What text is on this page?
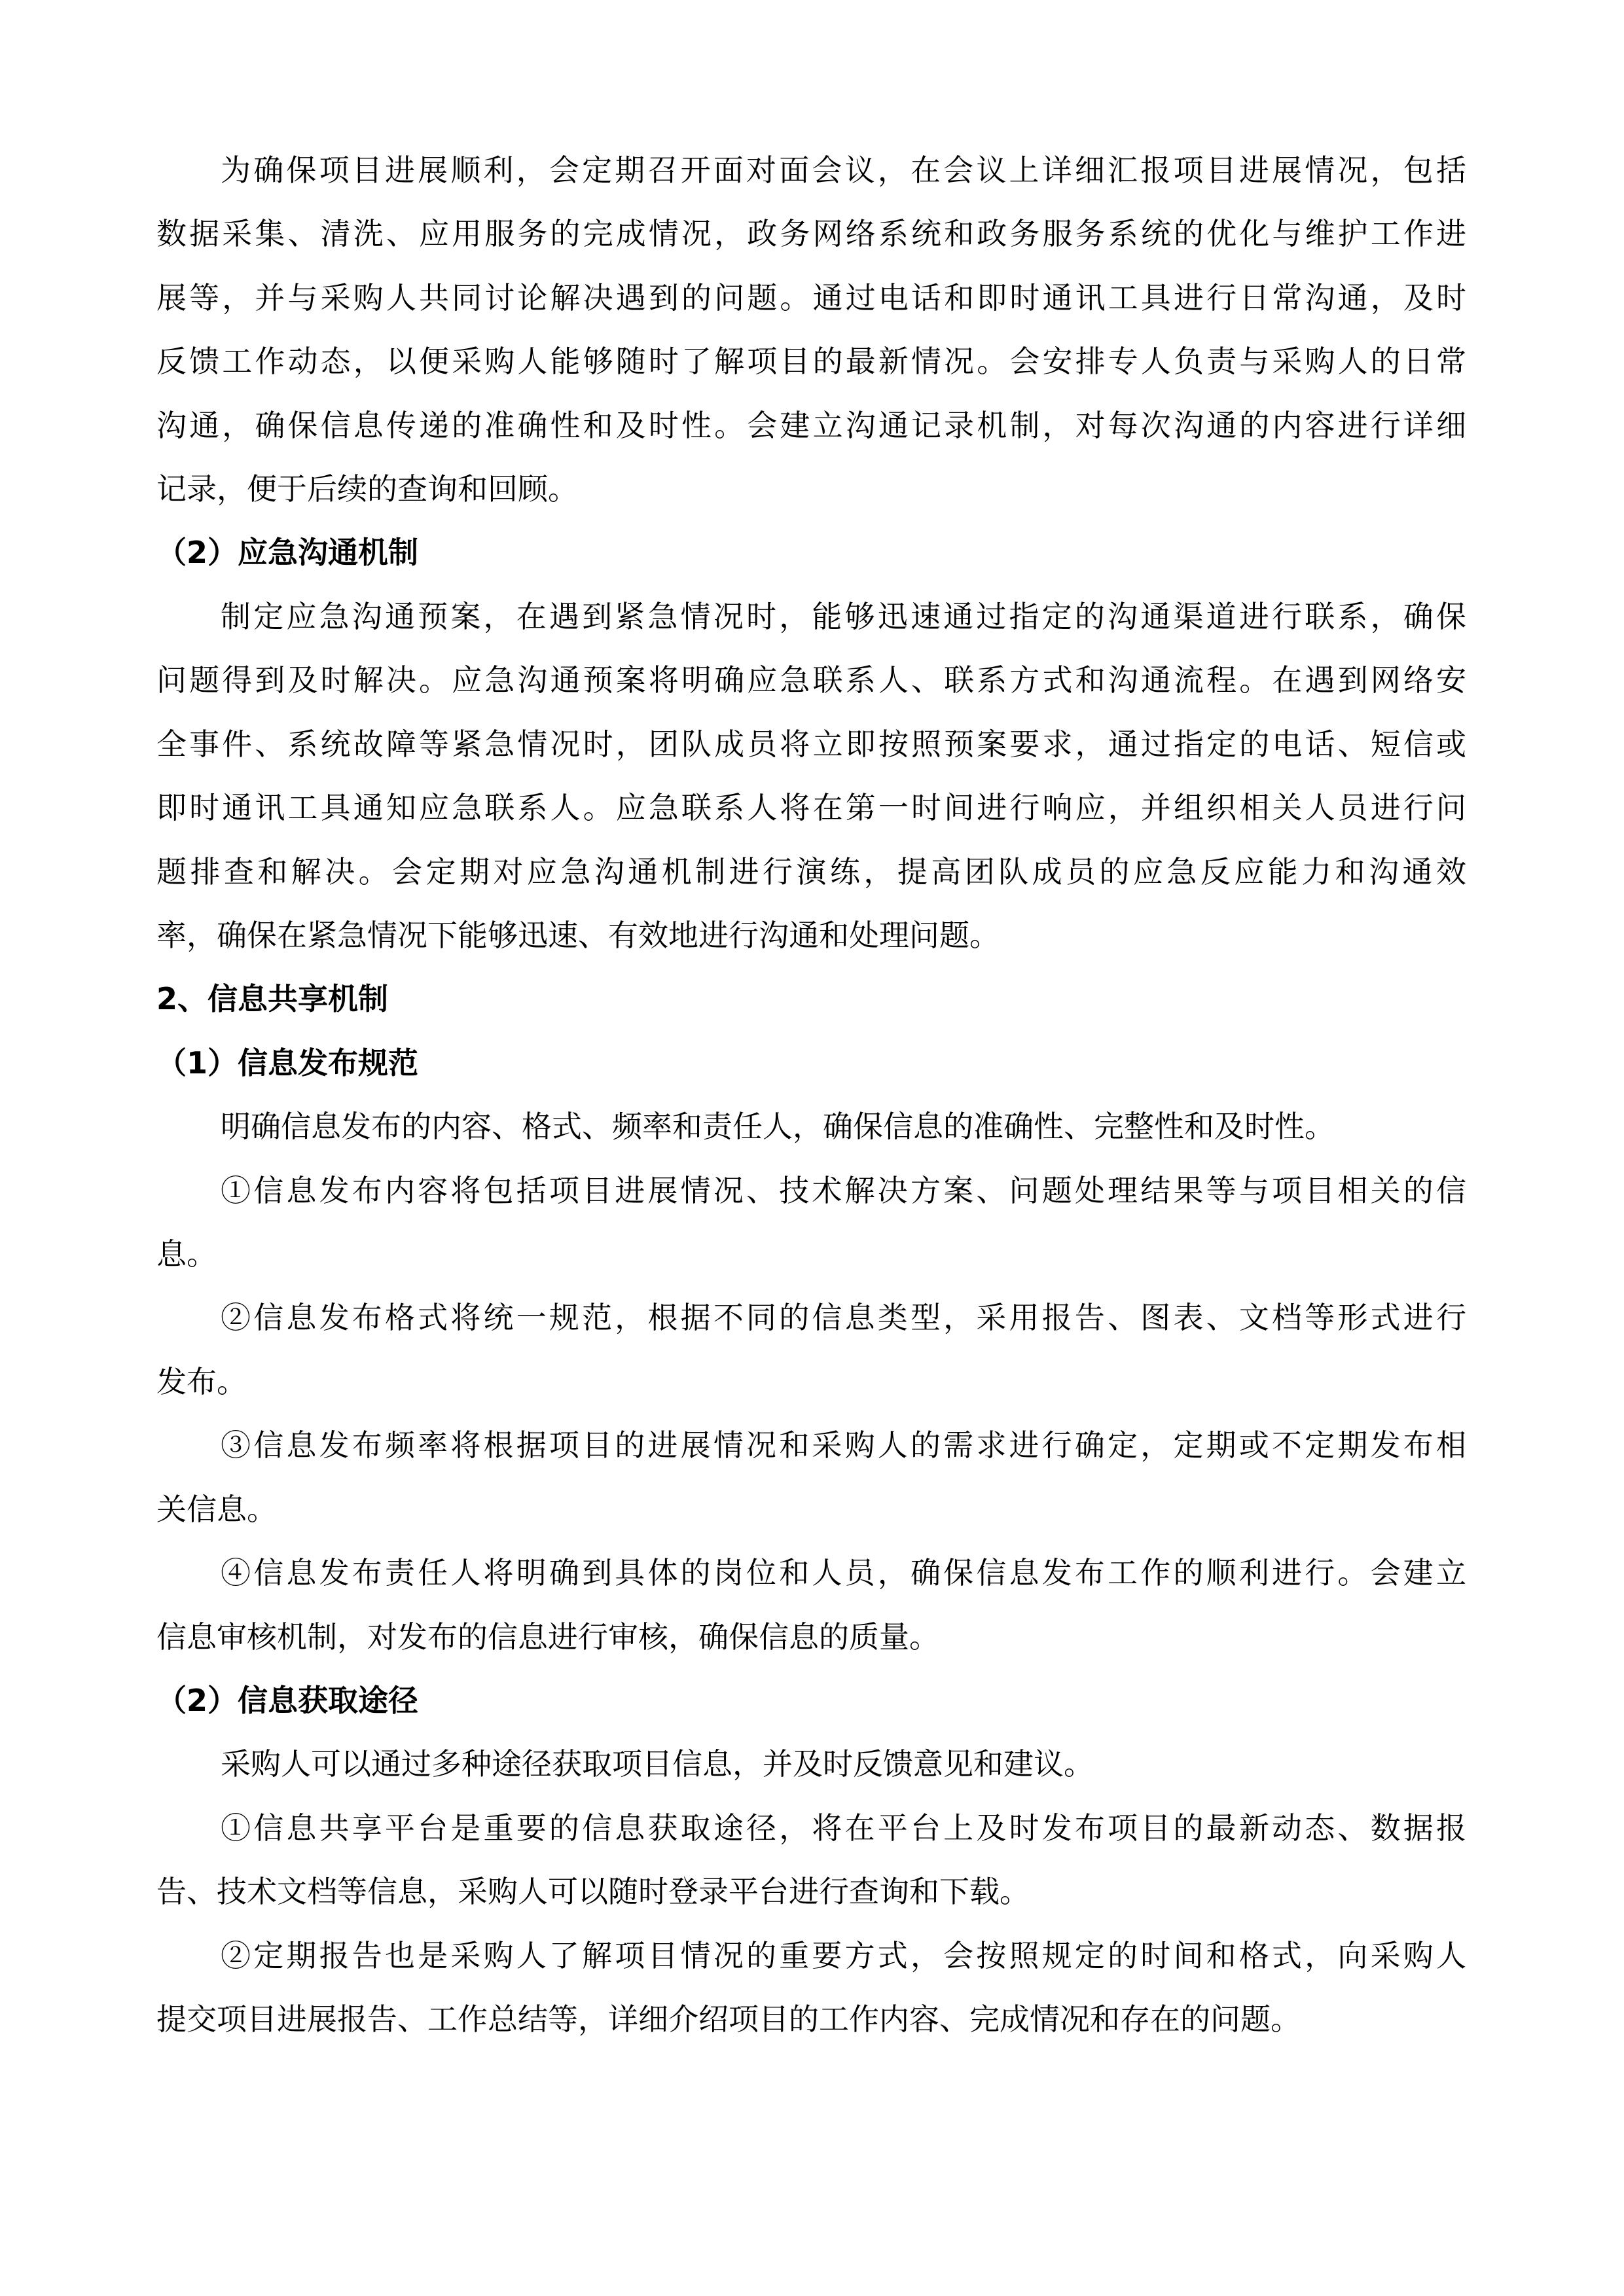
为确保项目进展顺利，会定期召开面对面会议，在会议上详细汇报项目进展情况，包括
数据采集、清洗、应用服务的完成情况，政务网络系统和政务服务系统的优化与维护工作进
展等，并与采购人共同讨论解决遇到的问题。通过电话和即时通讯工具进行日常沟通，及时
反馈工作动态，以便采购人能够随时了解项目的最新情况。会安排专人负责与采购人的日常
沟通，确保信息传递的准确性和及时性。会建立沟通记录机制，对每次沟通的内容进行详细
记录，便于后续的查询和回顾。
（2）应急沟通机制
制定应急沟通预案，在遇到紧急情况时，能够迅速通过指定的沟通渠道进行联系，确保
问题得到及时解决。应急沟通预案将明确应急联系人、联系方式和沟通流程。在遇到网络安
全事件、系统故障等紧急情况时，团队成员将立即按照预案要求，通过指定的电话、短信或
即时通讯工具通知应急联系人。应急联系人将在第一时间进行响应，并组织相关人员进行问
题排查和解决。会定期对应急沟通机制进行演练，提高团队成员的应急反应能力和沟通效
率，确保在紧急情况下能够迅速、有效地进行沟通和处理问题。
2、信息共享机制
（1）信息发布规范
明确信息发布的内容、格式、频率和责任人，确保信息的准确性、完整性和及时性。
①信息发布内容将包括项目进展情况、技术解决方案、问题处理结果等与项目相关的信
息。
②信息发布格式将统一规范，根据不同的信息类型，采用报告、图表、文档等形式进行
发布。
③信息发布频率将根据项目的进展情况和采购人的需求进行确定，定期或不定期发布相
关信息。
④信息发布责任人将明确到具体的岗位和人员，确保信息发布工作的顺利进行。会建立
信息审核机制，对发布的信息进行审核，确保信息的质量。
（2）信息获取途径
采购人可以通过多种途径获取项目信息，并及时反馈意见和建议。
①信息共享平台是重要的信息获取途径，将在平台上及时发布项目的最新动态、数据报
告、技术文档等信息，采购人可以随时登录平台进行查询和下载。
②定期报告也是采购人了解项目情况的重要方式，会按照规定的时间和格式，向采购人
提交项目进展报告、工作总结等，详细介绍项目的工作内容、完成情况和存在的问题。
